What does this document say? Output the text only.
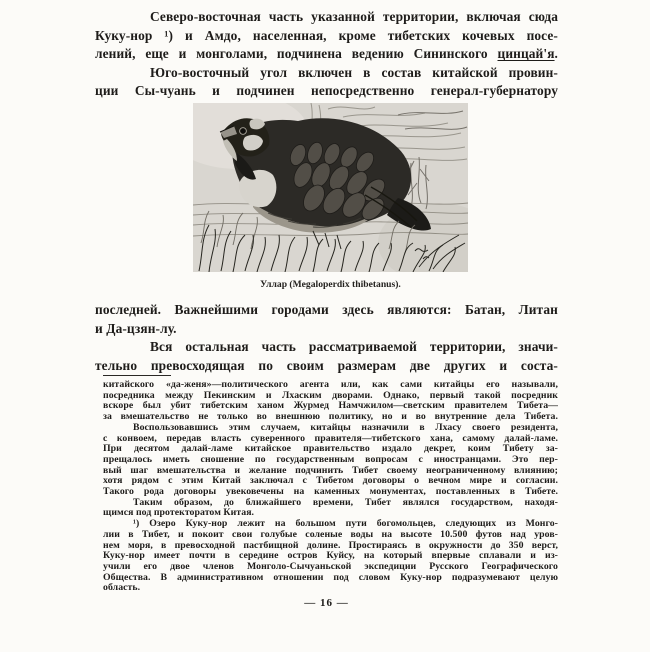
Северо-восточная часть указанной территории, включая сюда
Куку-нор ¹) и Амдо, населенная, кроме тибетских кочевых посе-
лений, еще и монголами, подчинена ведению Сининского цинцай'я.
Юго-восточный угол включен в состав китайской провин-
ции Сы-чуань и подчинен непосредственно генерал-губернатору
Уллар (Megaloperdix thibetanus).
последней. Важнейшими городами здесь являются: Батан, Литан
и Да-цзян-лу.
Вся остальная часть рассматриваемой территории, значи-
тельно превосходящая по своим размерам две других и соста-
китайского «да-женя»—политического агента или, как сами китайцы его называли,
посредника между Пекинским и Лхаским дворами. Однако, первый такой посредник
вскоре был убит тибетским ханом Журмед Намчжилом—светским правителем Тибета—
за вмешательство не только во внешнюю политику, но и во внутренние дела Тибета.
Воспользовавшись этим случаем, китайцы назначили в Лхасу своего резидента,
с конвоем, передав власть суверенного правителя—тибетского хана, самому далай-ламе.
При десятом далай-ламе китайское правительство издало декрет, коим Тибету за-
прещалось иметь сношение по государственным вопросам с иностранцами. Это пер-
вый шаг вмешательства и желание подчинить Тибет своему неограниченному влиянию;
хотя рядом с этим Китай заключал с Тибетом договоры о вечном мире и согласии.
Такого рода договоры увековечены на каменных монументах, поставленных в Тибете.
Таким образом, до ближайшего времени, Тибет являлся государством, находя-
щимся под протекторатом Китая.
¹) Озеро Куку-нор лежит на большом пути богомольцев, следующих из Монго-
лии в Тибет, и покоит свои голубые соленые воды на высоте 10.500 футов над уров-
нем моря, в превосходной пастбищной долине. Простираясь в окружности до 350 верст,
Куку-нор имеет почти в середине остров Куйсу, на который впервые сплавали и из-
учили его двое членов Монголо-Сычуаньской экспедиции Русского Географического
Общества. В административном отношении под словом Куку-нор подразумевают целую
область.
— 16 —
